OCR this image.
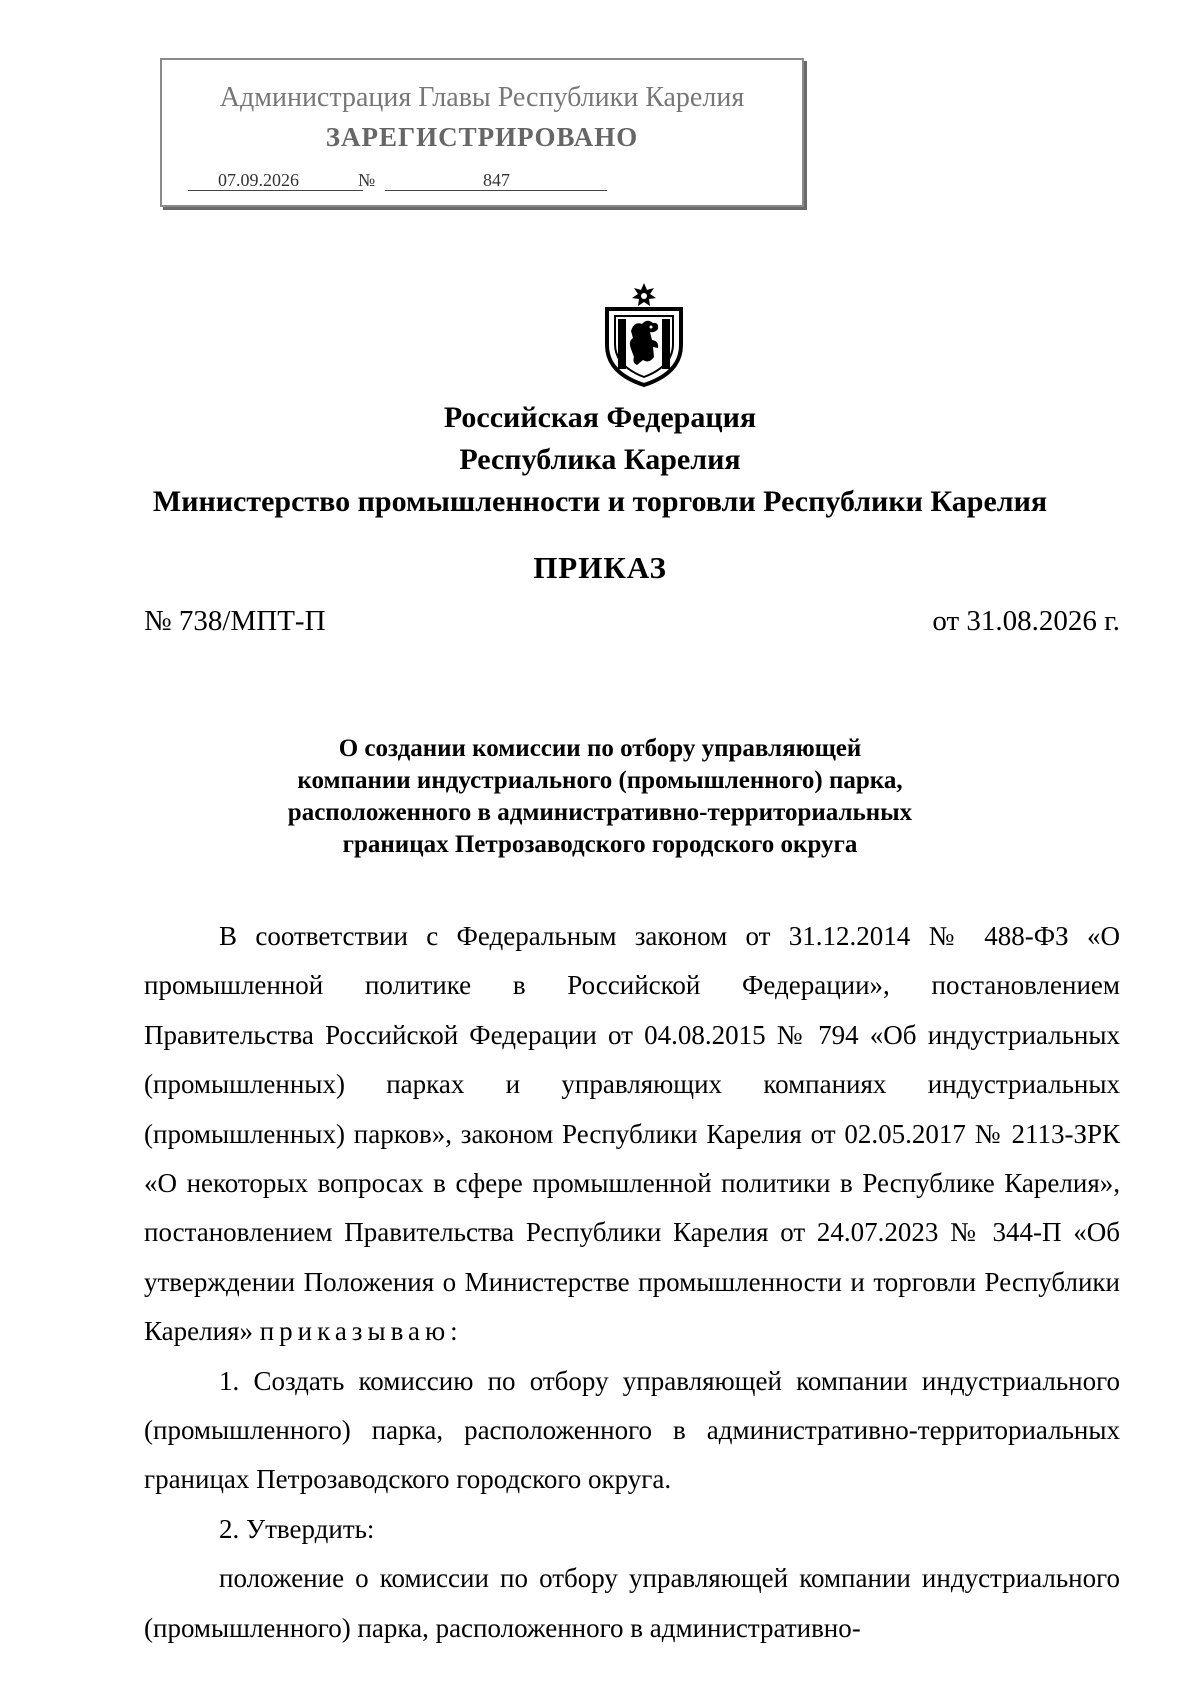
Администрация Главы Республики Карелия
ЗАРЕГИСТРИРОВАНО
07.09.2026	№	847
Российская Федерация
Республика Карелия
Министерство промышленности и торговли Республики Карелия
ПРИКАЗ
№ 738/МПТ-П	от 31.08.2026 г.
О создании комиссии по отбору управляющей
компании индустриального (промышленного) парка,
расположенного в административно-территориальных
границах Петрозаводского городского округа

В соответствии с Федеральным законом от 31.12.2014 № 488-ФЗ «О промышленной политике в Российской Федерации», постановлением Правительства Российской Федерации от 04.08.2015 № 794 «Об индустриальных (промышленных) парках и управляющих компаниях индустриальных (промышленных) парков», законом Республики Карелия от 02.05.2017 № 2113-ЗРК «О некоторых вопросах в сфере промышленной политики в Республике Карелия», постановлением Правительства Республики Карелия от 24.07.2023 № 344-П «Об утверждении Положения о Министерстве промышленности и торговли Республики Карелия» приказываю:

1. Создать комиссию по отбору управляющей компании индустриального (промышленного) парка, расположенного в административно-территориальных границах Петрозаводского городского округа.

2. Утвердить:

положение о комиссии по отбору управляющей компании индустриального (промышленного) парка, расположенного в административно-
